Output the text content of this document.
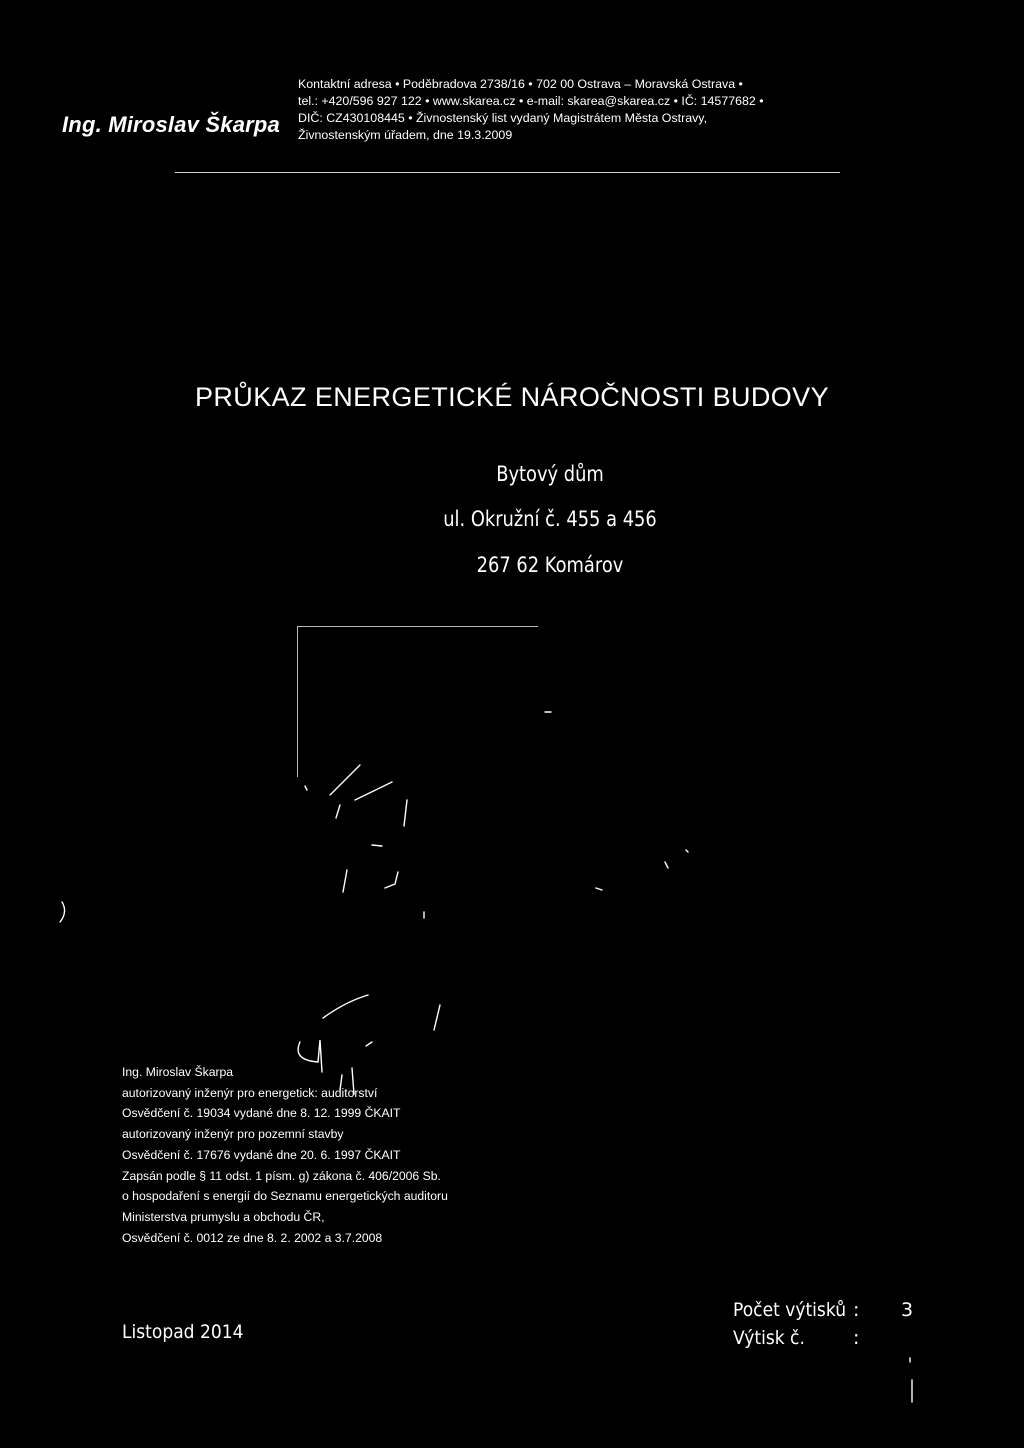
Ing. Miroslav Škarpa
Kontaktní adresa • Poděbradova 2738/16 • 702 00 Ostrava – Moravská Ostrava •
tel.: +420/596 927 122 • www.skarea.cz • e-mail: skarea@skarea.cz • IČ: 14577682 •
DIČ: CZ430108445 • Živnostenský list vydaný Magistrátem Města Ostravy,
Živnostenským úřadem, dne 19.3.2009
PRŮKAZ ENERGETICKÉ NÁROČNOSTI BUDOVY
Bytový dům
ul. Okružní č. 455 a 456
267 62 Komárov
Ing. Miroslav Škarpa
autorizovaný inženýr pro energetick: auditorství
Osvědčení č. 19034 vydané dne 8. 12. 1999 ČKAIT
autorizovaný inženýr pro pozemní stavby
Osvědčení č. 17676 vydané dne 20. 6. 1997 ČKAIT
Zapsán podle § 11 odst. 1 písm. g) zákona č. 406/2006 Sb.
o hospodaření s energií do Seznamu energetických auditoru
Ministerstva prumyslu a obchodu ČR,
Osvědčení č. 0012 ze dne 8. 2. 2002 a 3.7.2008
Listopad 2014
Počet výtisků : 3
Výtisk č.	:
